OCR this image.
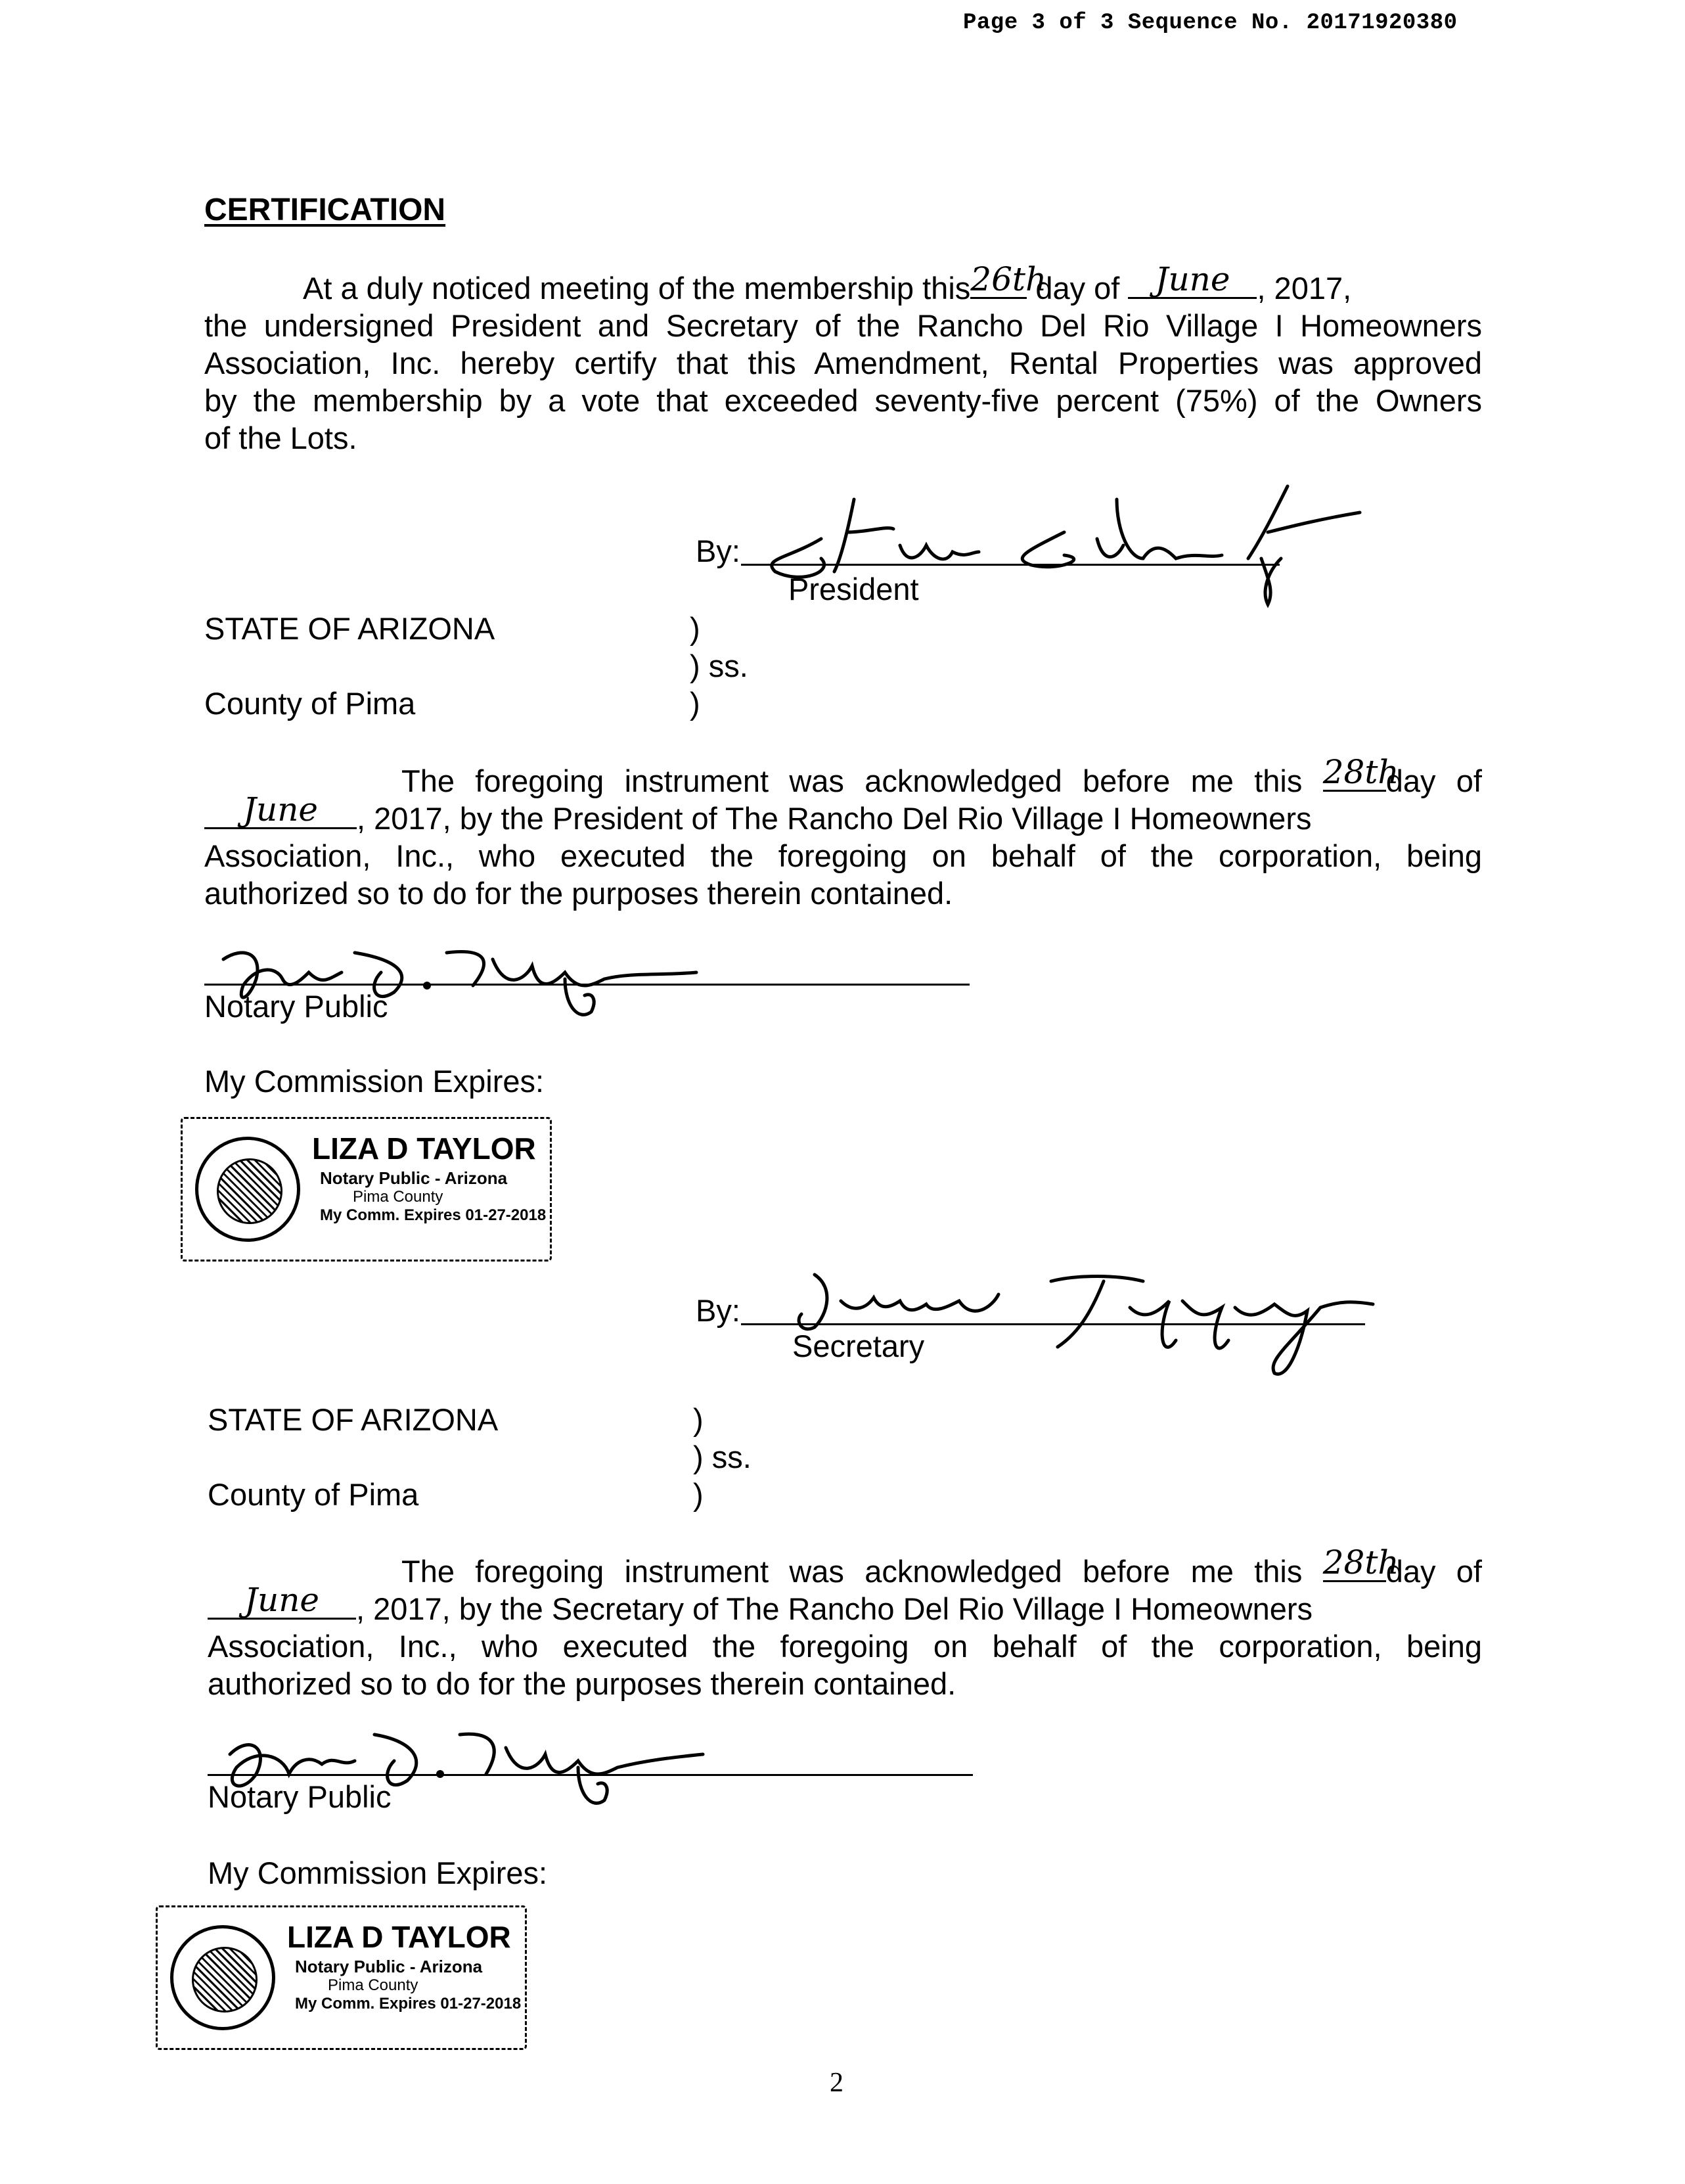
Page 3 of 3 Sequence No. 20171920380
CERTIFICATION
At a duly noticed meeting of the membership this 26th
day of	June , 2017,
the undersigned President and Secretary of the Rancho Del Rio Village I Homeowners
Association, Inc. hereby certify that this Amendment, Rental Properties was approved
by the membership by a vote that exceeded seventy-five percent (75%) of the Owners
of the Lots.
By:
President
STATE OF ARIZONA	)
) ss.
County of Pima	)
The foregoing instrument was acknowledged before me this 28th
day of
June	, 2017, by the President of The Rancho Del Rio Village I Homeowners
Association, Inc., who executed the foregoing on behalf of the corporation, being
authorized so to do for the purposes therein contained.
Notary Public
My Commission Expires:
LIZA D TAYLOR
Notary Public - Arizona
Pima County
My Comm. Expires 01-27-2018
By:
Secretary
STATE OF ARIZONA	)
) ss.
County of Pima	)
The foregoing instrument was acknowledged before me this 28th
day of
June	, 2017, by the Secretary of The Rancho Del Rio Village I Homeowners
Association, Inc., who executed the foregoing on behalf of the corporation, being
authorized so to do for the purposes therein contained.
Notary Public
My Commission Expires:
LIZA D TAYLOR
Notary Public - Arizona
Pima County
My Comm. Expires 01-27-2018
2
